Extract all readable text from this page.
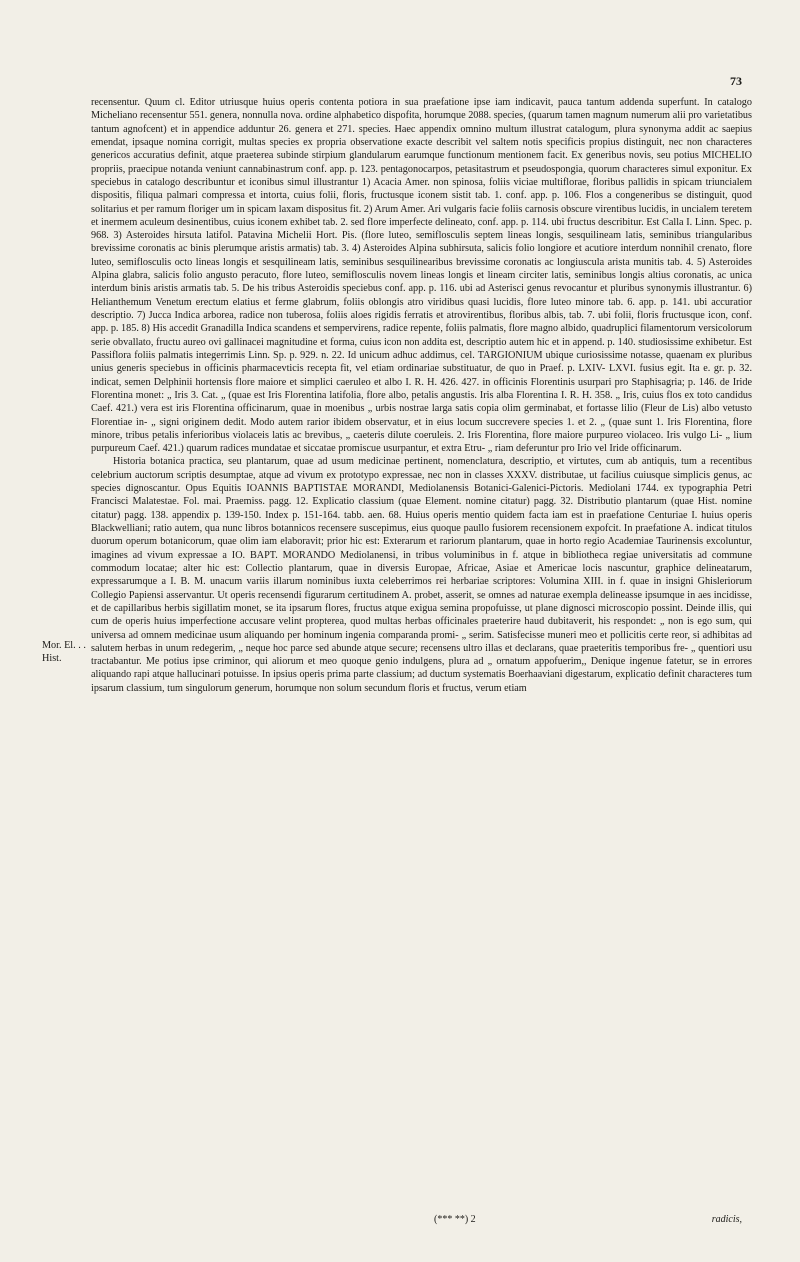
73

recensentur. Quum cl. Editor utriusque huius operis contenta potiora in sua praefatione ipse iam indicavit, pauca tantum addenda superfunt. In catalogo Micheliano recensentur 551. genera, nonnulla nova. ordine alphabetico dispofita, horumque 2088. species, (quarum tamen magnum numerum alii pro varietatibus tantum agnofcent) et in appendice adduntur 26. genera et 271. species. Haec appendix omnino multum illustrat catalogum, plura synonyma addit ac saepius emendat, ipsaque nomina corrigit, multas species ex propria observatione exacte describit vel saltem notis specificis propius distinguit, nec non characteres genericos accuratius definit, atque praeterea subinde stirpium glandularum earumque functionum mentionem facit. Ex generibus novis, seu potius MICHELIO propriis, praecipue notanda veniunt cannabinastrum conf. app. p. 123. pentagonocarpos, petasitastrum et pseudospongia, quorum characteres simul exponitur. Ex speciebus in catalogo describuntur et iconibus simul illustrantur 1) Acacia Amer. non spinosa, foliis viciae multiflorae, floribus pallidis in spicam triuncialem dispositis, filiqua palmari compressa et intorta, cuius folii, floris, fructusque iconem sistit tab. 1. conf. app. p. 106. Flos a congeneribus se distinguit, quod solitarius et per ramum floriger um in spicam laxam dispositus fit. 2) Arum Amer. Ari vulgaris facie foliis carnosis obscure virentibus lucidis, in uncialem teretem et inermem aculeum desinentibus, cuius iconem exhibet tab. 2. sed flore imperfecte delineato, conf. app. p. 114. ubi fructus describitur. Est Calla I. Linn. Spec. p. 968. 3) Asteroides hirsuta latifol. Patavina Michelii Hort. Pis. (flore luteo, semiflosculis septem lineas longis, sesquilineam latis, seminibus triangularibus brevissime coronatis ac binis plerumque aristis armatis) tab. 3. 4) Asteroides Alpina subhirsuta, salicis folio longiore et acutiore interdum nonnihil crenato, flore luteo, semiflosculis octo lineas longis et sesquilineam latis, seminibus sesquilinearibus brevissime coronatis ac longiuscula arista munitis tab. 4. 5) Asteroides Alpina glabra, salicis folio angusto peracuto, flore luteo, semiflosculis novem lineas longis et lineam circiter latis, seminibus longis altius coronatis, ac unica interdum binis aristis armatis tab. 5. De his tribus Asteroidis speciebus conf. app. p. 116. ubi ad Asterisci genus revocantur et pluribus synonymis illustrantur. 6) Helianthemum Venetum erectum elatius et ferme glabrum, foliis oblongis atro viridibus quasi lucidis, flore luteo minore tab. 6. app. p. 141. ubi accuratior descriptio. 7) Jucca Indica arborea, radice non tuberosa, foliis aloes rigidis ferratis et atrovirentibus, floribus albis, tab. 7. ubi folii, floris fructusque icon, conf. app. p. 185. 8) His accedit Granadilla Indica scandens et sempervirens, radice repente, foliis palmatis, flore magno albido, quadruplici filamentorum versicolorum serie obvallato, fructu aureo ovi gallinacei magnitudine et forma, cuius icon non addita est, descriptio autem hic et in append. p. 140. studiosissime exhibetur. Est Passiflora foliis palmatis integerrimis Linn. Sp. p. 929. n. 22. Id unicum adhuc addimus, cel. TARGIONIUM ubique curiosissime notasse, quaenam ex pluribus unius generis speciebus in officinis pharmacevticis recepta fit, vel etiam ordinariae substituatur, de quo in Praef. p. LXIV- LXVI. fusius egit. Ita e. gr. p. 32. indicat, semen Delphinii hortensis flore maiore et simplici caeruleo et albo I. R. H. 426. 427. in officinis Florentinis usurpari pro Staphisagria; p. 146. de Iride Florentina monet: „ Iris 3. Cat. „ (quae est Iris Florentina latifolia, flore albo, petalis angustis. Iris alba Florentina I. R. H. 358. „ Iris, cuius flos ex toto candidus Caef. 421.) vera est iris Florentina officinarum, quae in moenibus „ urbis nostrae larga satis copia olim germinabat, et fortasse lilio (Fleur de Lis) albo vetusto Florentiae in- „ signi originem dedit. Modo autem rarior ibidem observatur, et in eius locum succrevere species 1. et 2. „ (quae sunt 1. Iris Florentina, flore minore, tribus petalis inferioribus violaceis latis ac brevibus, „ caeteris dilute coeruleis. 2. Iris Florentina, flore maiore purpureo violaceo. Iris vulgo Li- „ lium purpureum Caef. 421.) quarum radices mundatae et siccatae promiscue usurpantur, et extra Etru- „ riam deferuntur pro Irio vel Iride officinarum.

Historia botanica practica, seu plantarum, quae ad usum medicinae pertinent, nomenclatura, descriptio, et virtutes, cum ab antiquis, tum a recentibus celebrium auctorum scriptis desumptae, atque ad vivum ex prototypo expressae, nec non in classes XXXV. distributae, ut facilius cuiusque simplicis genus, ac species dignoscantur. Opus Equitis IOANNIS BAPTISTAE MORANDI, Mediolanensis Botanici-Galenici-Pictoris. Mediolani 1744. ex typographia Petri Francisci Malatestae. Fol. mai. Praemiss. pagg. 12. Explicatio classium (quae Element. nomine citatur) pagg. 32. Distributio plantarum (quae Hist. nomine citatur) pagg. 138. appendix p. 139-150. Index p. 151-164. tabb. aen. 68. Huius operis mentio quidem facta iam est in praefatione Centuriae I. huius operis Blackwelliani; ratio autem, qua nunc libros botannicos recensere suscepimus, eius quoque paullo fusiorem recensionem expofcit. In praefatione A. indicat titulos duorum operum botanicorum, quae olim iam elaboravit; prior hic est: Exterarum et rariorum plantarum, quae in horto regio Academiae Taurinensis excoluntur, imagines ad vivum expressae a IO. BAPT. MORANDO Mediolanensi, in tribus voluminibus in f. atque in bibliotheca regiae universitatis ad commune commodum locatae; alter hic est: Collectio plantarum, quae in diversis Europae, Africae, Asiae et Americae locis nascuntur, graphice delineatarum, expressarumque a I. B. M. unacum variis illarum nominibus iuxta celeberrimos rei herbariae scriptores: Volumina XIII. in f. quae in insigni Ghisleriorum Collegio Papiensi asservantur. Ut operis recensendi figurarum certitudinem A. probet, asserit, se omnes ad naturae exempla delineasse ipsumque in aes incidisse, et de capillaribus herbis sigillatim monet, se ita ipsarum flores, fructus atque exigua semina propofuisse, ut plane dignosci microscopio possint. Deinde illis, qui cum de operis huius imperfectione accusare velint propterea, quod multas herbas officinales praeterire haud dubitaverit, his respondet: „ non is ego sum, qui universa ad omnem medicinae usum aliquando per hominum ingenia comparanda promi- „ serim. Satisfecisse muneri meo et pollicitis certe reor, si adhibitas ad salutem herbas in unum redegerim, „ neque hoc parce sed abunde atque secure; recensens ultro illas et declarans, quae praeteritis temporibus fre- „ quentiori usu tractabantur. Me potius ipse criminor, qui aliorum et meo quoque genio indulgens, plura ad „ ornatum appofuerim,, Denique ingenue fatetur, se in errores aliquando rapi atque hallucinari potuisse. In ipsius operis prima parte classium; ad ductum systematis Boerhaaviani digestarum, explicatio definit characteres tum ipsarum classium, tum singulorum generum, horumque non solum secundum floris et fructus, verum etiam

Mor. El. . . Hist.
(*** **) 2	radicis,
